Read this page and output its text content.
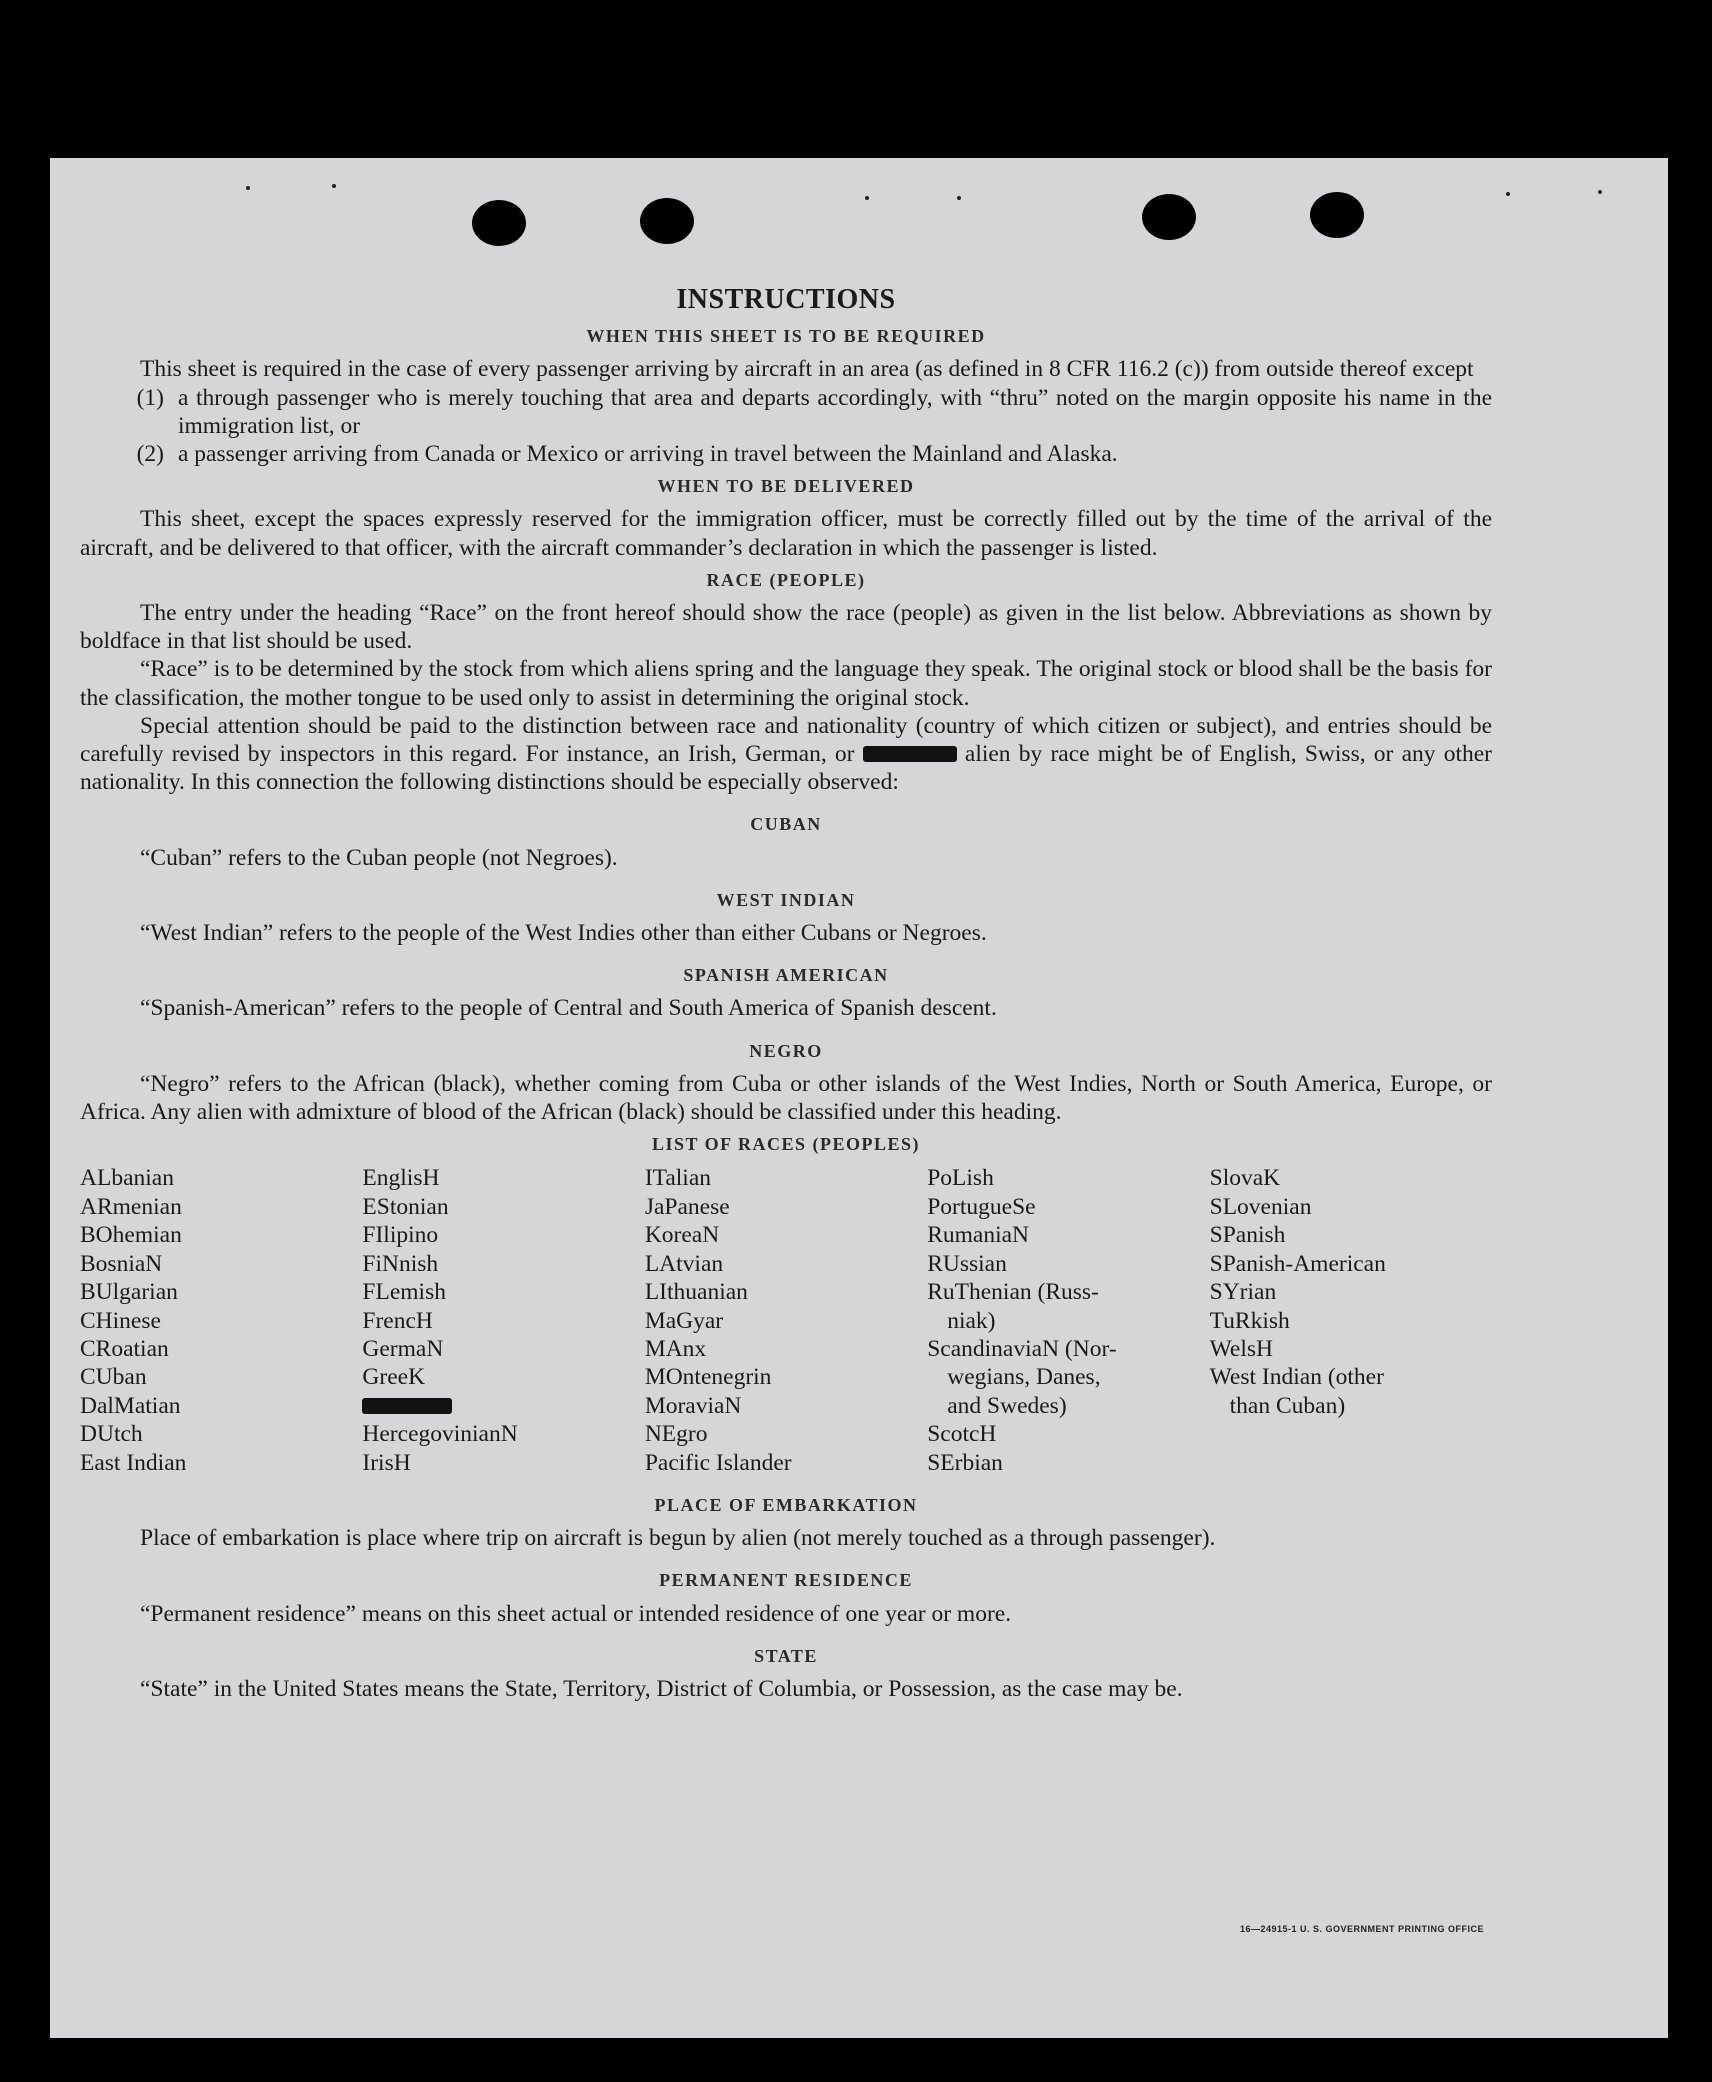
INSTRUCTIONS
WHEN THIS SHEET IS TO BE REQUIRED

This sheet is required in the case of every passenger arriving by aircraft in an area (as defined in 8 CFR 116.2 (c)) from outside thereof except

(1) a through passenger who is merely touching that area and departs accordingly, with “thru” noted on the margin opposite his name in the immigration list, or
(2) a passenger arriving from Canada or Mexico or arriving in travel between the Mainland and Alaska.
WHEN TO BE DELIVERED

This sheet, except the spaces expressly reserved for the immigration officer, must be correctly filled out by the time of the arrival of the aircraft, and be delivered to that officer, with the aircraft commander’s declaration in which the passenger is listed.

RACE (PEOPLE)

The entry under the heading “Race” on the front hereof should show the race (people) as given in the list below. Abbreviations as shown by boldface in that list should be used.

“Race” is to be determined by the stock from which aliens spring and the language they speak. The original stock or blood shall be the basis for the classification, the mother tongue to be used only to assist in determining the original stock.

Special attention should be paid to the distinction between race and nationality (country of which citizen or subject), and entries should be carefully revised by inspectors in this regard. For instance, an Irish, German, or	alien by race might be of English, Swiss, or any other nationality. In this connection the following distinctions should be especially observed:

CUBAN

“Cuban” refers to the Cuban people (not Negroes).

WEST INDIAN

“West Indian” refers to the people of the West Indies other than either Cubans or Negroes.

SPANISH AMERICAN

“Spanish-American” refers to the people of Central and South America of Spanish descent.

NEGRO

“Negro” refers to the African (black), whether coming from Cuba or other islands of the West Indies, North or South America, Europe, or Africa. Any alien with admixture of blood of the African (black) should be classified under this heading.

LIST OF RACES (PEOPLES)
ALbanian
ARmenian
BOhemian
BosniaN
BUlgarian
CHinese
CRoatian
CUban
DalMatian
DUtch
East Indian
EnglisH
EStonian
FIlipino
FiNnish
FLemish
FrencH
GermaN
GreeK
HercegovinianN
IrisH
ITalian
JaPanese
KoreaN
LAtvian
LIthuanian
MaGyar
MAnx
MOntenegrin
MoraviaN
NEgro
Pacific Islander
PoLish
PortugueSe
RumaniaN
RUssian
RuThenian (Russ-
niak)
ScandinaviaN (Nor-
wegians, Danes,
and Swedes)
ScotcH
SErbian
SlovaK
SLovenian
SPanish
SPanish-American
SYrian
TuRkish
WelsH
West Indian (other
than Cuban)
PLACE OF EMBARKATION

Place of embarkation is place where trip on aircraft is begun by alien (not merely touched as a through passenger).

PERMANENT RESIDENCE

“Permanent residence” means on this sheet actual or intended residence of one year or more.

STATE

“State” in the United States means the State, Territory, District of Columbia, or Possession, as the case may be.

16—24915-1 U. S. GOVERNMENT PRINTING OFFICE
